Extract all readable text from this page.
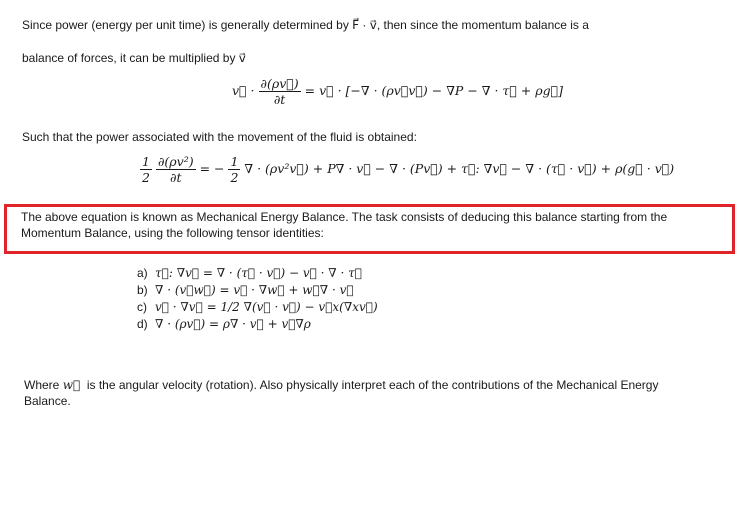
Since power (energy per unit time) is generally determined by F⃗ · v⃗, then since the momentum balance is a
balance of forces, it can be multiplied by v⃗
v⃗ · $\frac{\partial(\rho v⃗)}{\partial t}$ = v⃗ · [−∇ · (ρv⃗v⃗) − ∇P − ∇ · τ⃡ + ρg⃗]
Such that the power associated with the movement of the fluid is obtained:
$\frac{1}{2}$
$\frac{\text{∂(ρv²)}}{\partial t}$ = − $\frac{1}{2}$ ∇ · (ρv²v⃗) + P∇ · v⃗ − ∇ · (Pv⃗) + τ⃡: ∇v⃗ − ∇ · (τ⃡ · v⃗) + ρ(g⃗ · v⃗)
The above equation is known as Mechanical Energy Balance. The task consists of deducing this balance starting from the
Momentum Balance, using the following tensor identities:
a) τ⃡: ∇v⃗ = ∇ · (τ⃡ · v⃗) − v⃗ · ∇ · τ⃡
b) ∇ · (v⃗w⃗) = v⃗ · ∇w⃗ + w⃗∇ · v⃗
c) v⃗ · ∇v⃗ = 1/2 ∇(v⃗ · v⃗) − v⃗x(∇xv⃗)
d) ∇ · (ρv⃗) = ρ∇ · v⃗ + v⃗∇ρ
Where w⃗ is the angular velocity (rotation). Also physically interpret each of the contributions of the Mechanical Energy
Balance.
